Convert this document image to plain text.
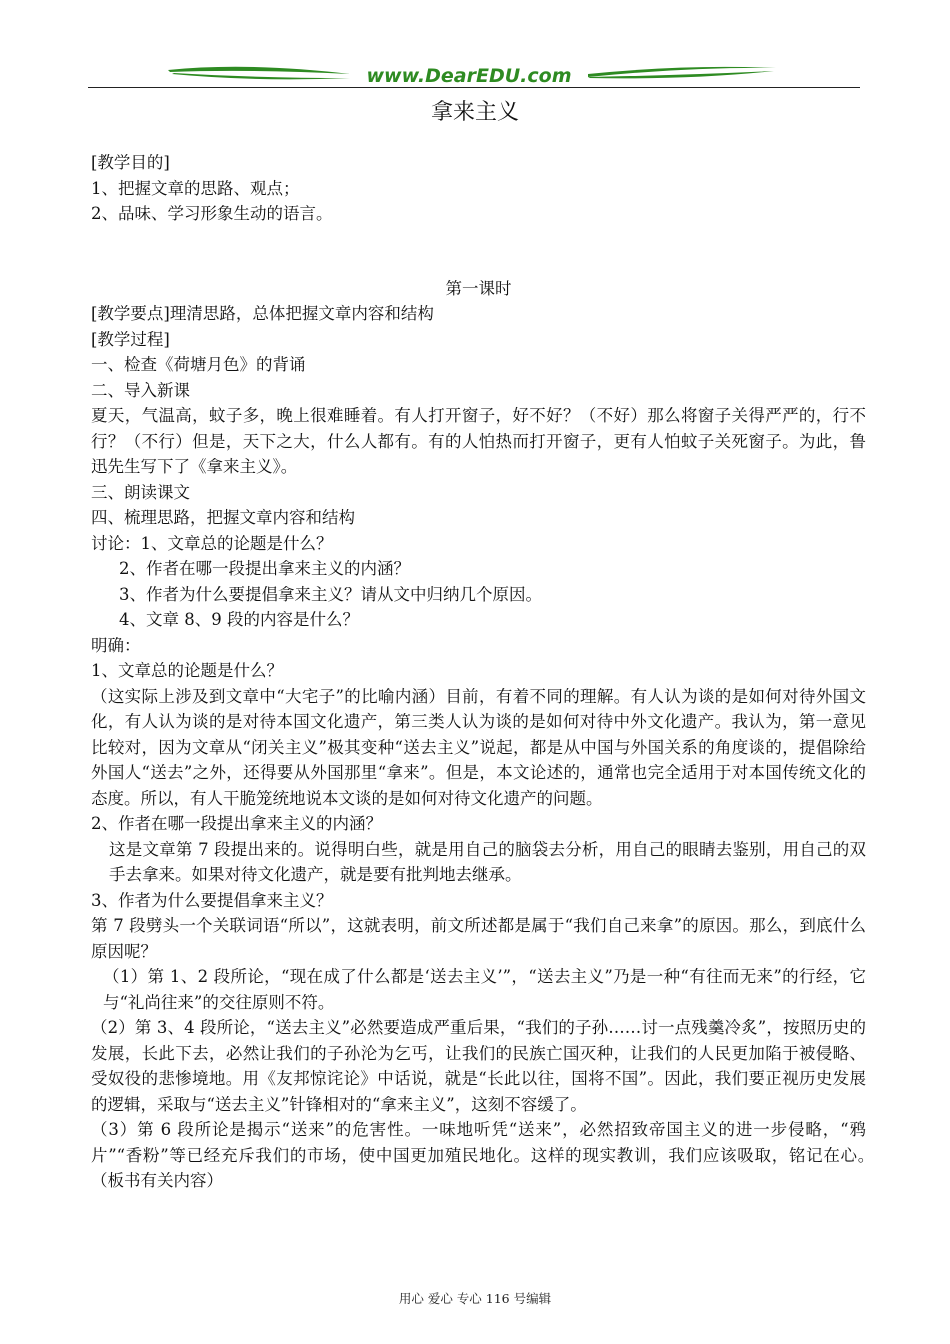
www.DearEDU.com
拿来主义
[教学目的]
1、把握文章的思路、观点；
2、品味、学习形象生动的语言。
第一课时
[教学要点]理清思路，总体把握文章内容和结构
[教学过程]
一、检查《荷塘月色》的背诵
二、导入新课
夏天，气温高，蚊子多，晚上很难睡着。有人打开窗子，好不好？（不好）那么将窗子关得严严的，行不行？（不行）但是，天下之大，什么人都有。有的人怕热而打开窗子，更有人怕蚊子关死窗子。为此，鲁迅先生写下了《拿来主义》。
三、朗读课文
四、梳理思路，把握文章内容和结构
讨论：1、文章总的论题是什么？
2、作者在哪一段提出拿来主义的内涵？
3、作者为什么要提倡拿来主义？请从文中归纳几个原因。
4、文章 8、9 段的内容是什么？
明确：
1、文章总的论题是什么？
（这实际上涉及到文章中“大宅子”的比喻内涵）目前，有着不同的理解。有人认为谈的是如何对待外国文化，有人认为谈的是对待本国文化遗产，第三类人认为谈的是如何对待中外文化遗产。我认为，第一意见比较对，因为文章从“闭关主义”极其变种“送去主义”说起，都是从中国与外国关系的角度谈的，提倡除给外国人“送去”之外，还得要从外国那里“拿来”。但是，本文论述的，通常也完全适用于对本国传统文化的态度。所以，有人干脆笼统地说本文谈的是如何对待文化遗产的问题。
2、作者在哪一段提出拿来主义的内涵？
这是文章第 7 段提出来的。说得明白些，就是用自己的脑袋去分析，用自己的眼睛去鉴别，用自己的双手去拿来。如果对待文化遗产，就是要有批判地去继承。
3、作者为什么要提倡拿来主义？
第 7 段劈头一个关联词语“所以”，这就表明，前文所述都是属于“我们自己来拿”的原因。那么，到底什么原因呢？
（1）第 1、2 段所论，“现在成了什么都是‘送去主义’”，“送去主义”乃是一种“有往而无来”的行经，它与“礼尚往来”的交往原则不符。
（2）第 3、4 段所论，“送去主义”必然要造成严重后果，“我们的子孙……讨一点残羹冷炙”，按照历史的发展，长此下去，必然让我们的子孙沦为乞丐，让我们的民族亡国灭种，让我们的人民更加陷于被侵略、受奴役的悲惨境地。用《友邦惊诧论》中话说，就是“长此以往，国将不国”。因此，我们要正视历史发展的逻辑，采取与“送去主义”针锋相对的“拿来主义”，这刻不容缓了。
（3）第 6 段所论是揭示“送来”的危害性。一味地听凭“送来”，必然招致帝国主义的进一步侵略，“鸦片”“香粉”等已经充斥我们的市场，使中国更加殖民地化。这样的现实教训，我们应该吸取，铭记在心。　（板书有关内容）
用心 爱心 专心 116 号编辑
